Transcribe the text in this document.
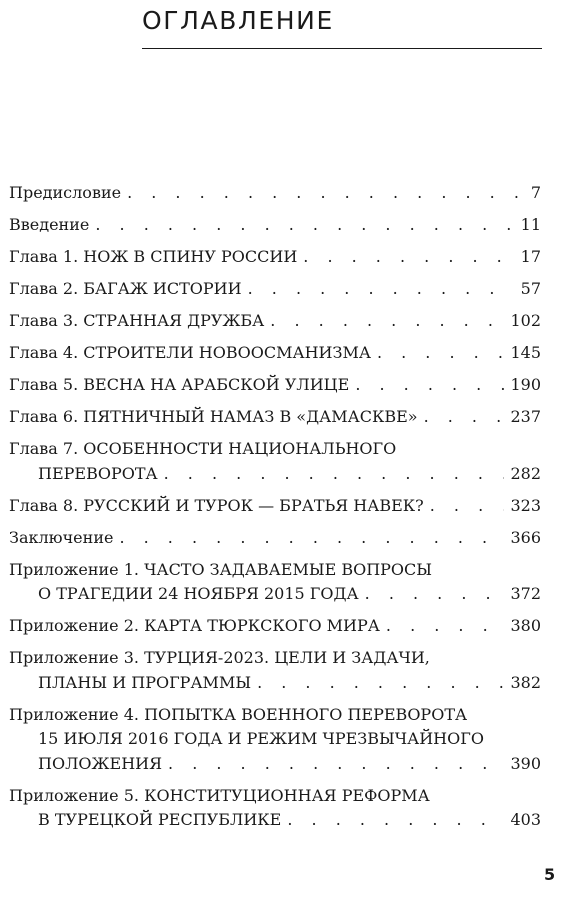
ОГЛАВЛЕНИЕ
Предисловие . . .	7
Введение . . .	11
Глава 1. НОЖ В СПИНУ РОССИИ . . .	17
Глава 2. БАГАЖ ИСТОРИИ . . .	57
Глава 3. СТРАННАЯ ДРУЖБА . . .	102
Глава 4. СТРОИТЕЛИ НОВООСМАНИЗМА . . .	145
Глава 5. ВЕСНА НА АРАБСКОЙ УЛИЦЕ . . .	190
Глава 6. ПЯТНИЧНЫЙ НАМАЗ В «ДАМАСКВЕ» . . .	237
Глава 7. ОСОБЕННОСТИ НАЦИОНАЛЬНОГО
ПЕРЕВОРОТА . . .	282
Глава 8. РУССКИЙ И ТУРОК — БРАТЬЯ НАВЕК? . . .	323
Заключение . . .	366
Приложение 1. ЧАСТО ЗАДАВАЕМЫЕ ВОПРОСЫ
О ТРАГЕДИИ 24 НОЯБРЯ 2015 ГОДА . . .	372
Приложение 2. КАРТА ТЮРКСКОГО МИРА . . .	380
Приложение 3. ТУРЦИЯ-2023. ЦЕЛИ И ЗАДАЧИ,
ПЛАНЫ И ПРОГРАММЫ . . .	382
Приложение 4. ПОПЫТКА ВОЕННОГО ПЕРЕВОРОТА
15 ИЮЛЯ 2016 ГОДА И РЕЖИМ ЧРЕЗВЫЧАЙНОГО
ПОЛОЖЕНИЯ . . .	390
Приложение 5. КОНСТИТУЦИОННАЯ РЕФОРМА
В ТУРЕЦКОЙ РЕСПУБЛИКЕ . . .	403
5
